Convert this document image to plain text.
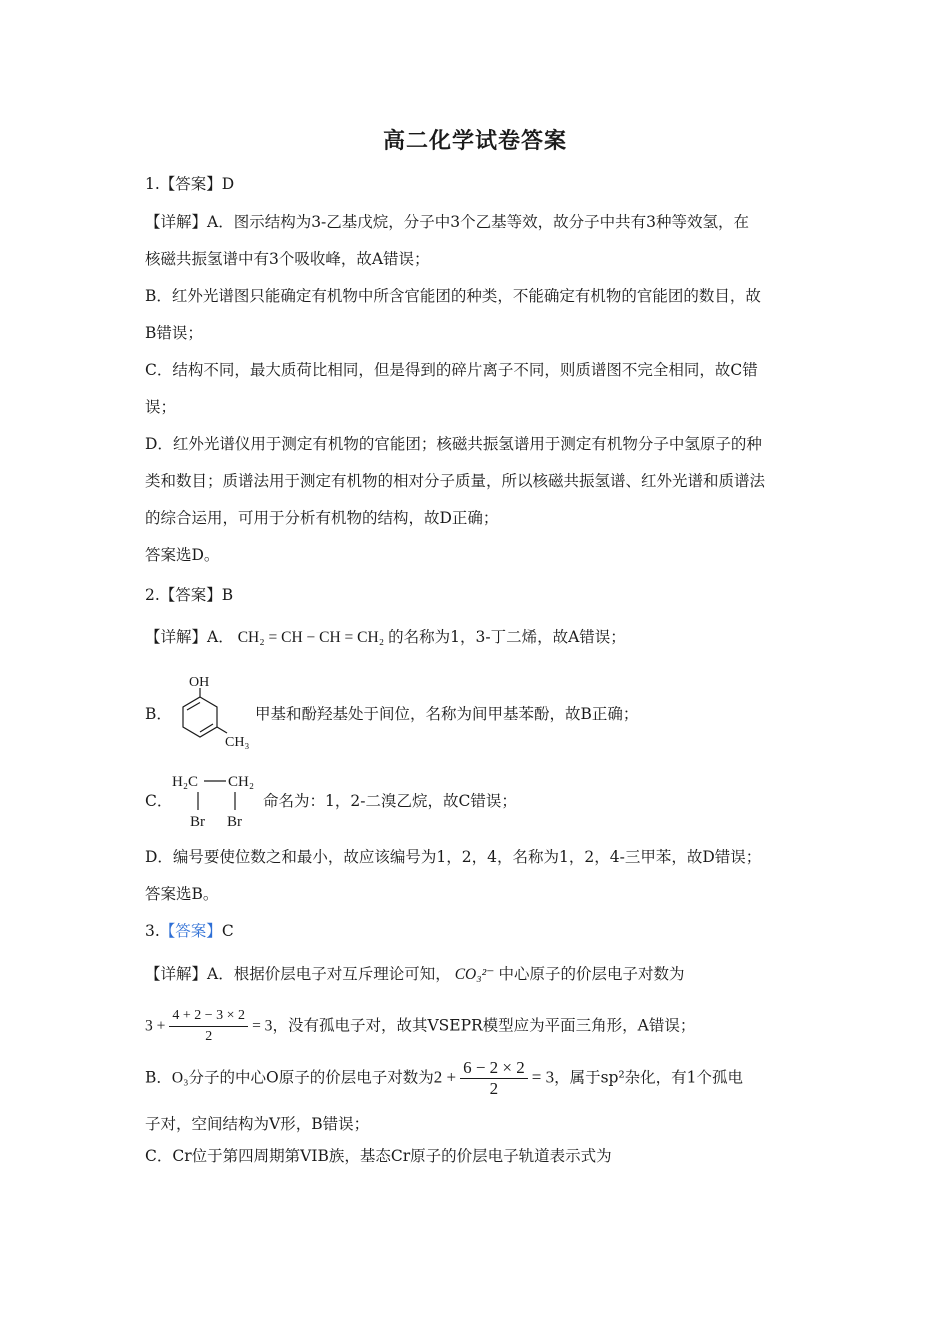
高二化学试卷答案
1.【答案】D
【详解】A．图示结构为3-乙基戊烷，分子中3个乙基等效，故分子中共有3种等效氢，在
核磁共振氢谱中有3个吸收峰，故A错误；
B．红外光谱图只能确定有机物中所含官能团的种类，不能确定有机物的官能团的数目，故
B错误；
C．结构不同，最大质荷比相同，但是得到的碎片离子不同，则质谱图不完全相同，故C错
误；
D．红外光谱仪用于测定有机物的官能团；核磁共振氢谱用于测定有机物分子中氢原子的种
类和数目；质谱法用于测定有机物的相对分子质量，所以核磁共振氢谱、红外光谱和质谱法
的综合运用，可用于分析有机物的结构，故D正确；
答案选D。
2.【答案】B
【详解】A． CH₂ = CH − CH = CH₂ 的名称为1，3-丁二烯，故A错误；
B．
OH
CH₃
甲基和酚羟基处于间位，名称为间甲基苯酚，故B正确；
C．
H₂C CH₂
Br Br
命名为：1，2-二溴乙烷，故C错误；
D．编号要使位数之和最小，故应该编号为1，2，4，名称为1，2，4-三甲苯，故D错误；
答案选B。
3.【答案】C
【详解】A．根据价层电子对互斥理论可知， CO₃²⁻ 中心原子的价层电子对数为
$3 + \frac{4 + 2 - 3 \times 2}{2} = 3$，没有孤电子对，故其VSEPR模型应为平面三角形，A错误；
B．O₃分子的中心O原子的价层电子对数为$2 + \frac{6 - 2 \times 2}{2} = 3$，属于sp²杂化，有1个孤电
子对，空间结构为V形，B错误；
C．Cr位于第四周期第VIB族，基态Cr原子的价层电子轨道表示式为
